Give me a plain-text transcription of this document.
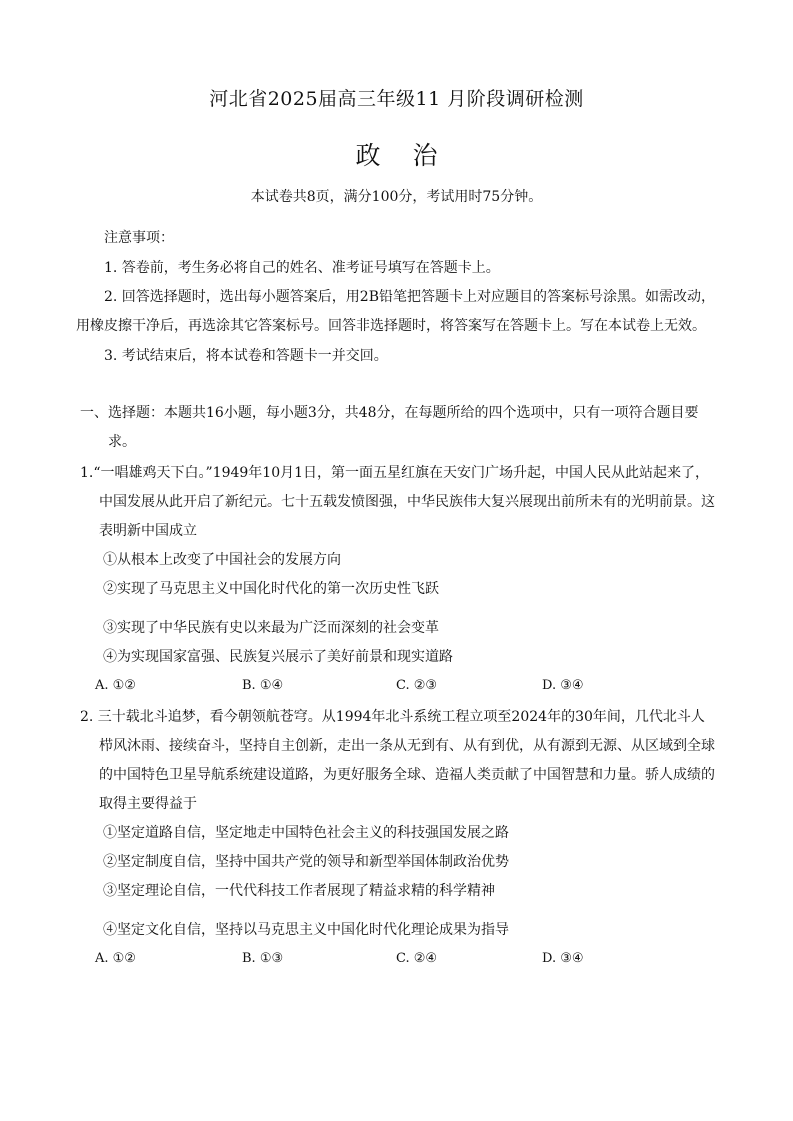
河北省2025届高三年级11 月阶段调研检测
政 治
本试卷共8页，满分100分，考试用时75分钟。
注意事项：
1. 答卷前，考生务必将自己的姓名、准考证号填写在答题卡上。
2. 回答选择题时，选出每小题答案后，用2B铅笔把答题卡上对应题目的答案标号涂黑。如需改动，
用橡皮擦干净后，再选涂其它答案标号。回答非选择题时，将答案写在答题卡上。写在本试卷上无效。
3. 考试结束后，将本试卷和答题卡一并交回。
一、选择题：本题共16小题，每小题3分，共48分，在每题所给的四个选项中，只有一项符合题目要
求。
1.“一唱雄鸡天下白。”1949年10月1日，第一面五星红旗在天安门广场升起，中国人民从此站起来了，
中国发展从此开启了新纪元。七十五载发愤图强，中华民族伟大复兴展现出前所未有的光明前景。这
表明新中国成立
①从根本上改变了中国社会的发展方向
②实现了马克思主义中国化时代化的第一次历史性飞跃
③实现了中华民族有史以来最为广泛而深刻的社会变革
④为实现国家富强、民族复兴展示了美好前景和现实道路
A. ①②	B. ①④	C. ②③	D. ③④
2. 三十载北斗追梦，看今朝领航苍穹。从1994年北斗系统工程立项至2024年的30年间，几代北斗人
栉风沐雨、接续奋斗，坚持自主创新，走出一条从无到有、从有到优，从有源到无源、从区域到全球
的中国特色卫星导航系统建设道路，为更好服务全球、造福人类贡献了中国智慧和力量。骄人成绩的
取得主要得益于
①坚定道路自信，坚定地走中国特色社会主义的科技强国发展之路
②坚定制度自信，坚持中国共产党的领导和新型举国体制政治优势
③坚定理论自信，一代代科技工作者展现了精益求精的科学精神
④坚定文化自信，坚持以马克思主义中国化时代化理论成果为指导
A. ①②	B. ①③	C. ②④	D. ③④
